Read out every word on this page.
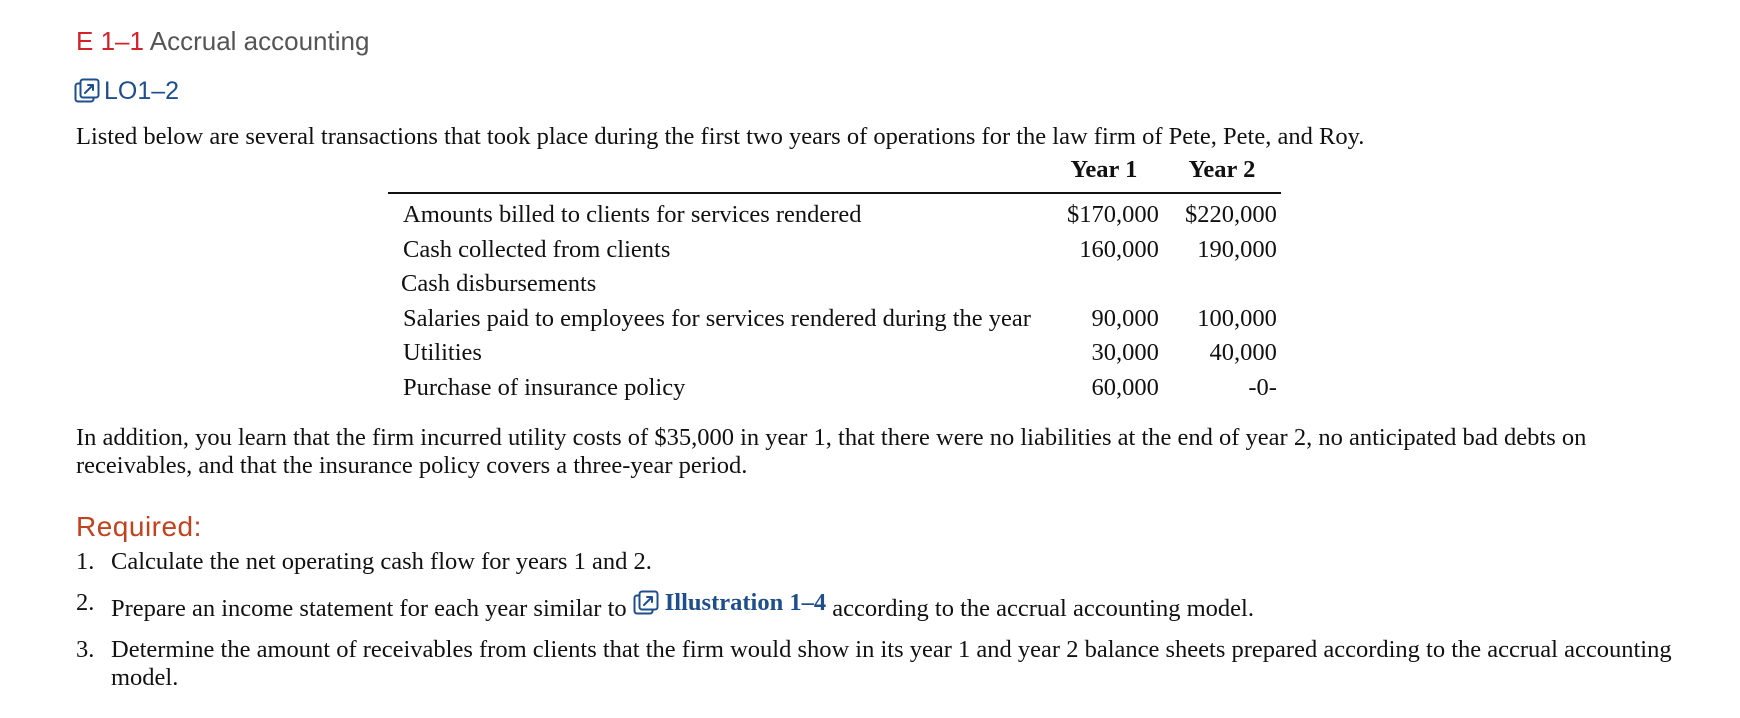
E 1–1 Accrual accounting
LO1–2
Listed below are several transactions that took place during the first two years of operations for the law firm of Pete, Pete, and Roy.
	Year 1	Year 2
Amounts billed to clients for services rendered	$170,000	$220,000
Cash collected from clients	160,000	190,000
Cash disbursements		
Salaries paid to employees for services rendered during the year	90,000	100,000
Utilities	30,000	40,000
Purchase of insurance policy	60,000	-0-
In addition, you learn that the firm incurred utility costs of $35,000 in year 1, that there were no liabilities at the end of year 2, no anticipated bad debts on receivables, and that the insurance policy covers a three-year period.
Required:
1. Calculate the net operating cash flow for years 1 and 2.
2. Prepare an income statement for each year similar to Illustration 1–4 according to the accrual accounting model.
3. Determine the amount of receivables from clients that the firm would show in its year 1 and year 2 balance sheets prepared according to the accrual accounting model.
